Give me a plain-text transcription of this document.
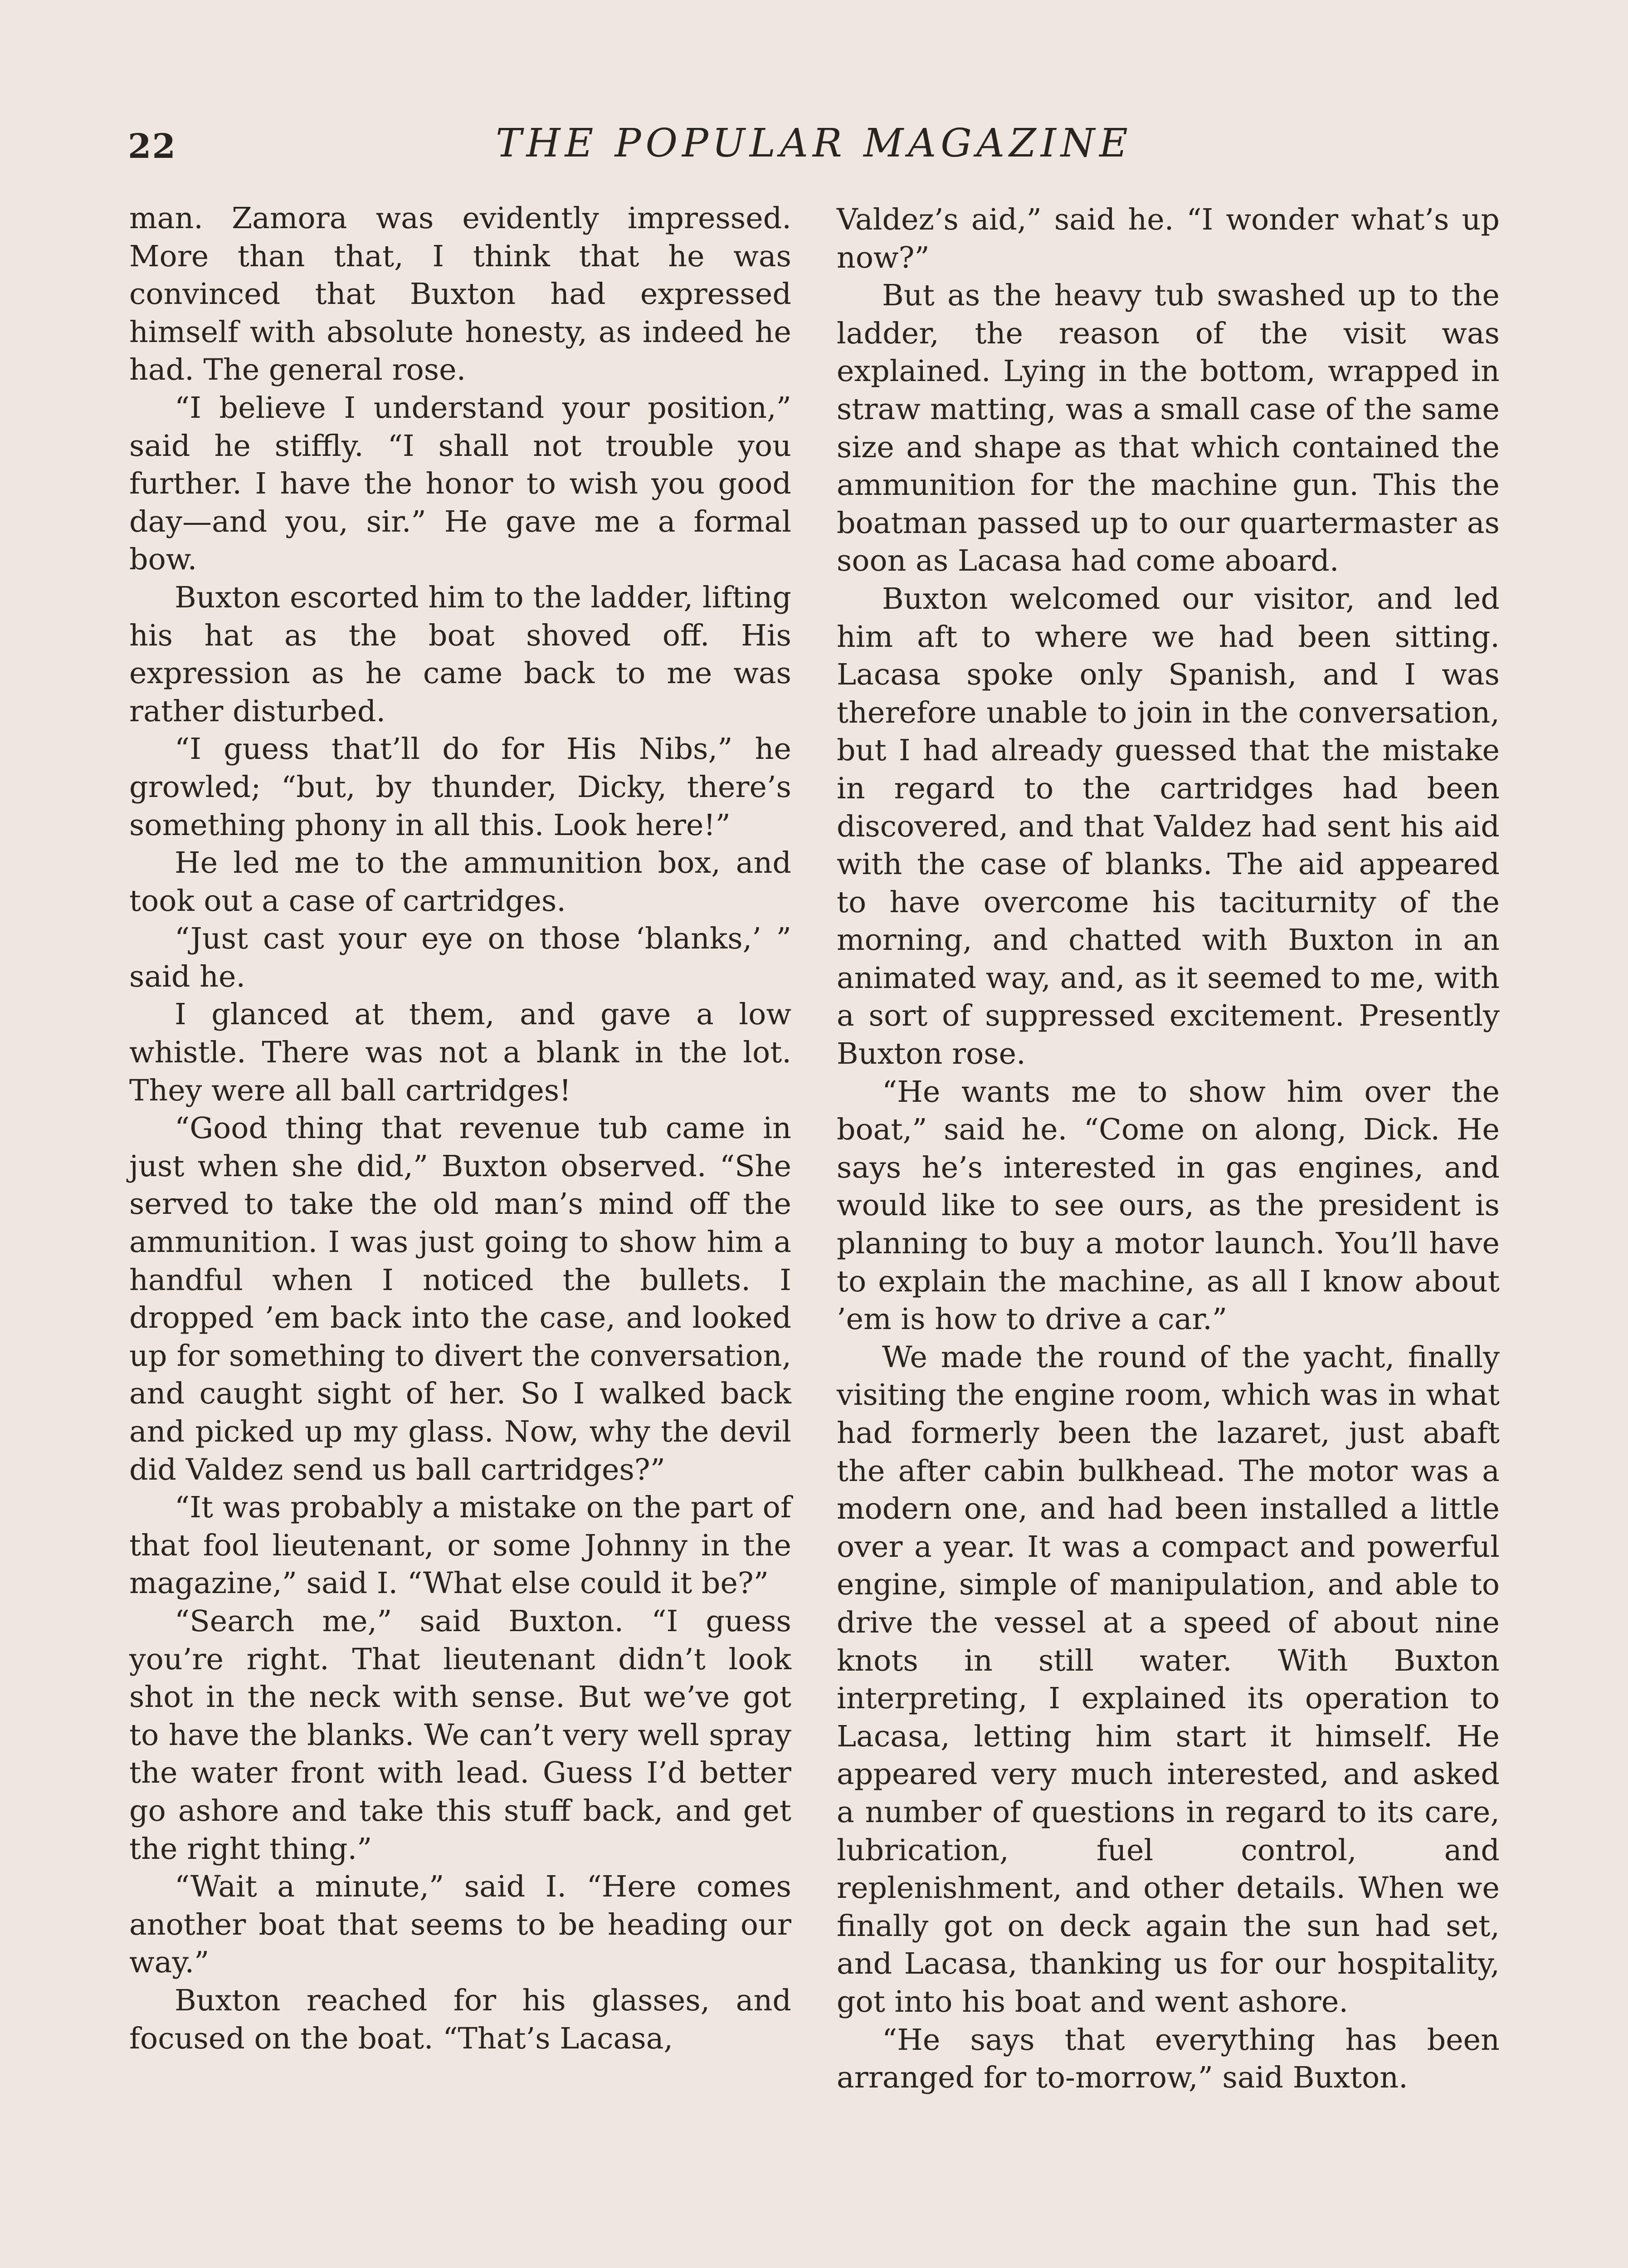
22	THE POPULAR MAGAZINE

man. Zamora was evidently impressed. More than that, I think that he was convinced that Buxton had expressed himself with absolute honesty, as indeed he had. The general rose.

“I believe I understand your position,” said he stiffly. “I shall not trouble you further. I have the honor to wish you good day—and you, sir.” He gave me a formal bow.

Buxton escorted him to the ladder, lifting his hat as the boat shoved off. His expression as he came back to me was rather disturbed.

“I guess that’ll do for His Nibs,” he growled; “but, by thunder, Dicky, there’s something phony in all this. Look here!”

He led me to the ammunition box, and took out a case of cartridges.

“Just cast your eye on those ‘blanks,’ ” said he.

I glanced at them, and gave a low whistle. There was not a blank in the lot. They were all ball cartridges!

“Good thing that revenue tub came in just when she did,” Buxton observed. “She served to take the old man’s mind off the ammunition. I was just going to show him a handful when I noticed the bullets. I dropped ’em back into the case, and looked up for something to divert the conversation, and caught sight of her. So I walked back and picked up my glass. Now, why the devil did Valdez send us ball cartridges?”

“It was probably a mistake on the part of that fool lieutenant, or some Johnny in the magazine,” said I. “What else could it be?”

“Search me,” said Buxton. “I guess you’re right. That lieutenant didn’t look shot in the neck with sense. But we’ve got to have the blanks. We can’t very well spray the water front with lead. Guess I’d better go ashore and take this stuff back, and get the right thing.”

“Wait a minute,” said I. “Here comes another boat that seems to be heading our way.”

Buxton reached for his glasses, and focused on the boat. “That’s Lacasa,

Valdez’s aid,” said he. “I wonder what’s up now?”

But as the heavy tub swashed up to the ladder, the reason of the visit was explained. Lying in the bottom, wrapped in straw matting, was a small case of the same size and shape as that which contained the ammunition for the machine gun. This the boatman passed up to our quartermaster as soon as Lacasa had come aboard.

Buxton welcomed our visitor, and led him aft to where we had been sitting. Lacasa spoke only Spanish, and I was therefore unable to join in the conversation, but I had already guessed that the mistake in regard to the cartridges had been discovered, and that Valdez had sent his aid with the case of blanks. The aid appeared to have overcome his taciturnity of the morning, and chatted with Buxton in an animated way, and, as it seemed to me, with a sort of suppressed excitement. Presently Buxton rose.

“He wants me to show him over the boat,” said he. “Come on along, Dick. He says he’s interested in gas engines, and would like to see ours, as the president is planning to buy a motor launch. You’ll have to explain the machine, as all I know about ’em is how to drive a car.”

We made the round of the yacht, finally visiting the engine room, which was in what had formerly been the lazaret, just abaft the after cabin bulkhead. The motor was a modern one, and had been installed a little over a year. It was a compact and powerful engine, simple of manipulation, and able to drive the vessel at a speed of about nine knots in still water. With Buxton interpreting, I explained its operation to Lacasa, letting him start it himself. He appeared very much interested, and asked a number of questions in regard to its care, lubrication, fuel control, and replenishment, and other details. When we finally got on deck again the sun had set, and Lacasa, thanking us for our hospitality, got into his boat and went ashore.

“He says that everything has been arranged for to-morrow,” said Buxton.
